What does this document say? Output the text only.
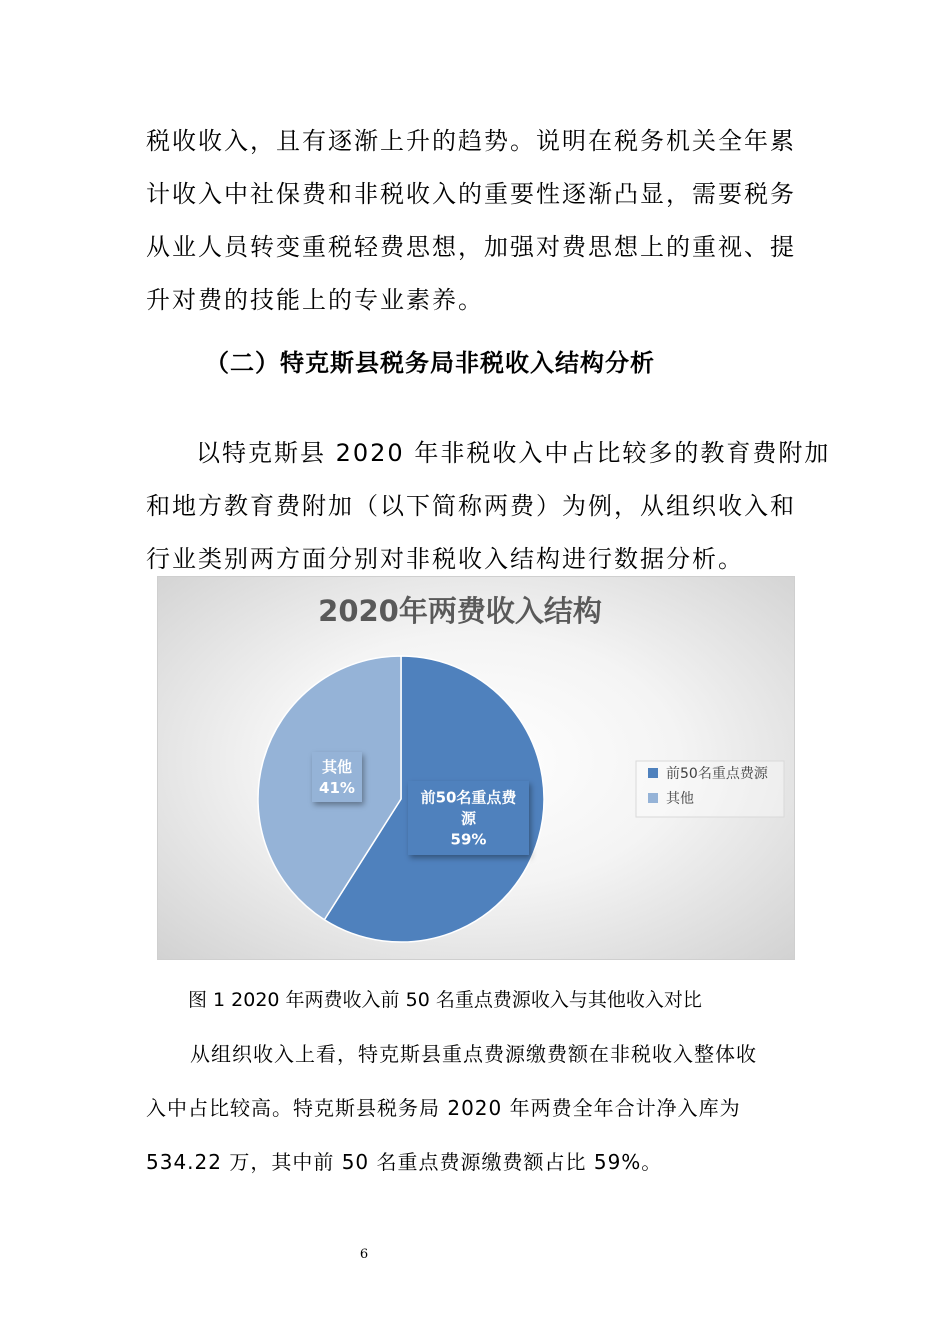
税收收入，且有逐渐上升的趋势。说明在税务机关全年累
计收入中社保费和非税收入的重要性逐渐凸显，需要税务
从业人员转变重税轻费思想，加强对费思想上的重视、提
升对费的技能上的专业素养。
（二）特克斯县税务局非税收入结构分析
以特克斯县 2020 年非税收入中占比较多的教育费附加
和地方教育费附加（以下简称两费）为例，从组织收入和
行业类别两方面分别对非税收入结构进行数据分析。
2020年两费收入结构
前50名重点费
源
59%
其他
41%
前50名重点费源
其他

图 1 2020 年两费收入前 50 名重点费源收入与其他收入对比

从组织收入上看，特克斯县重点费源缴费额在非税收入整体收
入中占比较高。特克斯县税务局 2020 年两费全年合计净入库为
534.22 万，其中前 50 名重点费源缴费额占比 59%。

6
